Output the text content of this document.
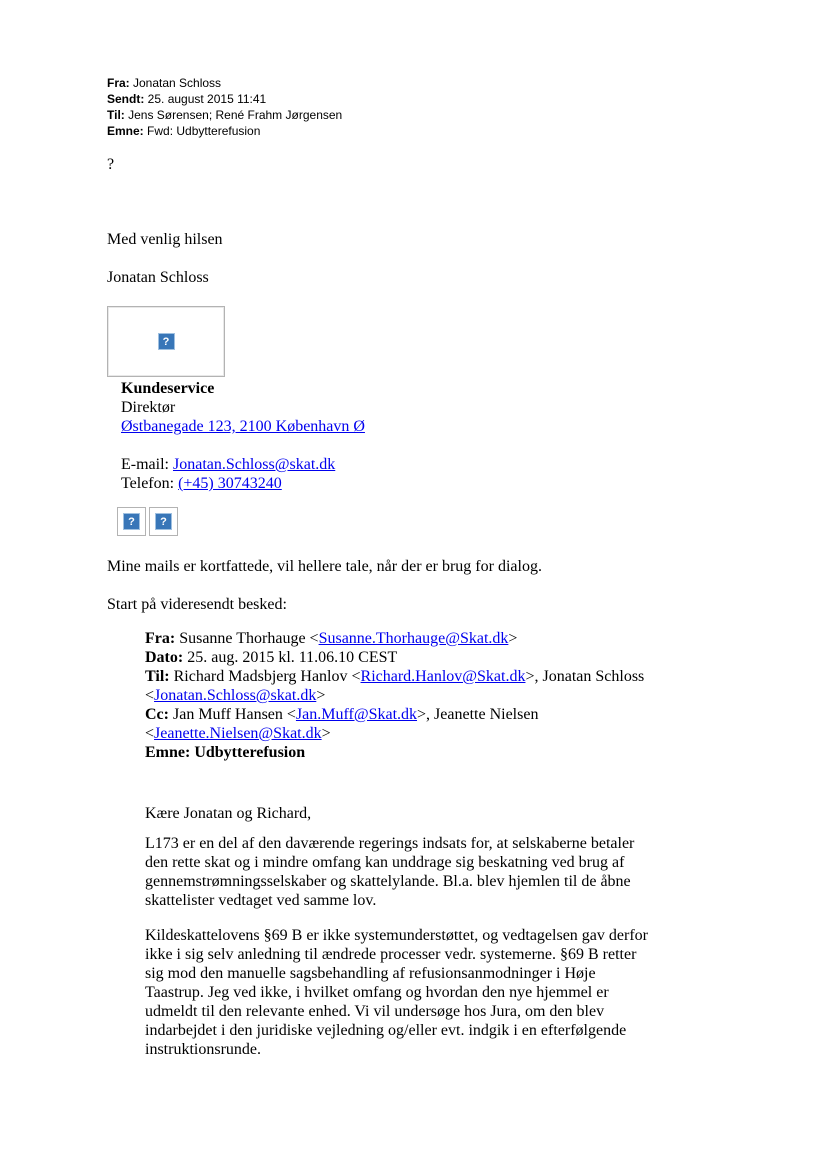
Fra: Jonatan Schloss
Sendt: 25. august 2015 11:41
Til: Jens Sørensen; René Frahm Jørgensen
Emne: Fwd: Udbytterefusion
?
Med venlig hilsen
Jonatan Schloss
?
Kundeservice
Direktør
Østbanegade 123, 2100 København Ø
E-mail: Jonatan.Schloss@skat.dk
Telefon: (+45) 30743240
?	?
Mine mails er kortfattede, vil hellere tale, når der er brug for dialog.
Start på videresendt besked:
Fra: Susanne Thorhauge <Susanne.Thorhauge@Skat.dk>
Dato: 25. aug. 2015 kl. 11.06.10 CEST
Til: Richard Madsbjerg Hanlov <Richard.Hanlov@Skat.dk>, Jonatan Schloss
<Jonatan.Schloss@skat.dk>
Cc: Jan Muff Hansen <Jan.Muff@Skat.dk>, Jeanette Nielsen
<Jeanette.Nielsen@Skat.dk>
Emne: Udbytterefusion
Kære Jonatan og Richard,
L173 er en del af den daværende regerings indsats for, at selskaberne betaler
den rette skat og i mindre omfang kan unddrage sig beskatning ved brug af
gennemstrømningsselskaber og skattelylande. Bl.a. blev hjemlen til de åbne
skattelister vedtaget ved samme lov.
Kildeskattelovens §69 B er ikke systemunderstøttet, og vedtagelsen gav derfor
ikke i sig selv anledning til ændrede processer vedr. systemerne. §69 B retter
sig mod den manuelle sagsbehandling af refusionsanmodninger i Høje
Taastrup. Jeg ved ikke, i hvilket omfang og hvordan den nye hjemmel er
udmeldt til den relevante enhed. Vi vil undersøge hos Jura, om den blev
indarbejdet i den juridiske vejledning og/eller evt. indgik i en efterfølgende
instruktionsrunde.
